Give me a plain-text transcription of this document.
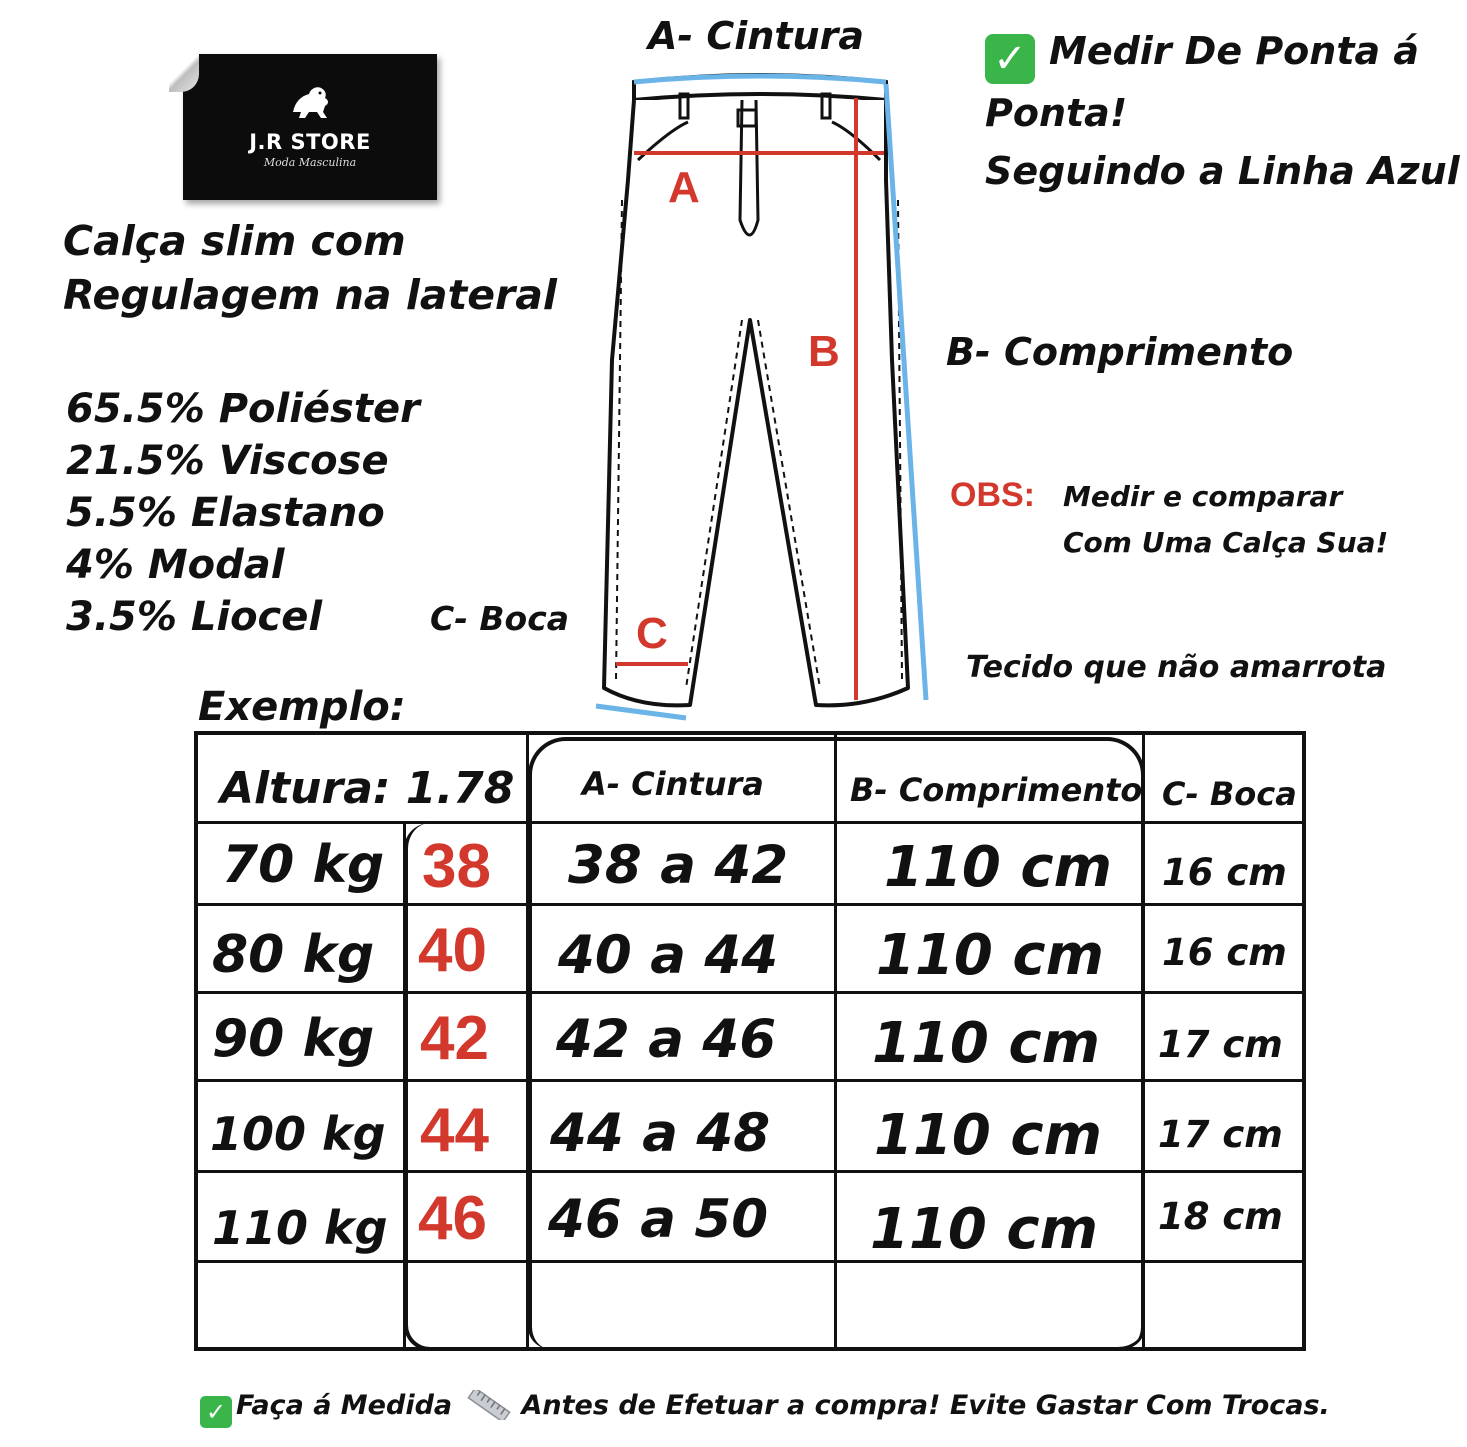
J.R STORE
Moda Masculina
Calça slim com
Regulagem na lateral
65.5% Poliéster
21.5% Viscose
5.5% Elastano
4% Modal
3.5% Liocel
A- Cintura
B- Comprimento
C- Boca
A
B
C
✓ Medir De Ponta á
Ponta!
Seguindo a Linha Azul
OBS: Medir e comparar
Com Uma Calça Sua!
Tecido que não amarrota
Exemplo:
Altura: 1.78 A- Cintura	B- Comprimento C- Boca
70 kg 38 38 a 42 110 cm 16 cm
80 kg 40 40 a 44 110 cm 16 cm
90 kg 42 42 a 46 110 cm 17 cm
100 kg 44 44 a 48 110 cm 17 cm
110 kg 46 46 a 50 110 cm 18 cm
✓ Faça á Medida	Antes de Efetuar a compra! Evite Gastar Com Trocas.
